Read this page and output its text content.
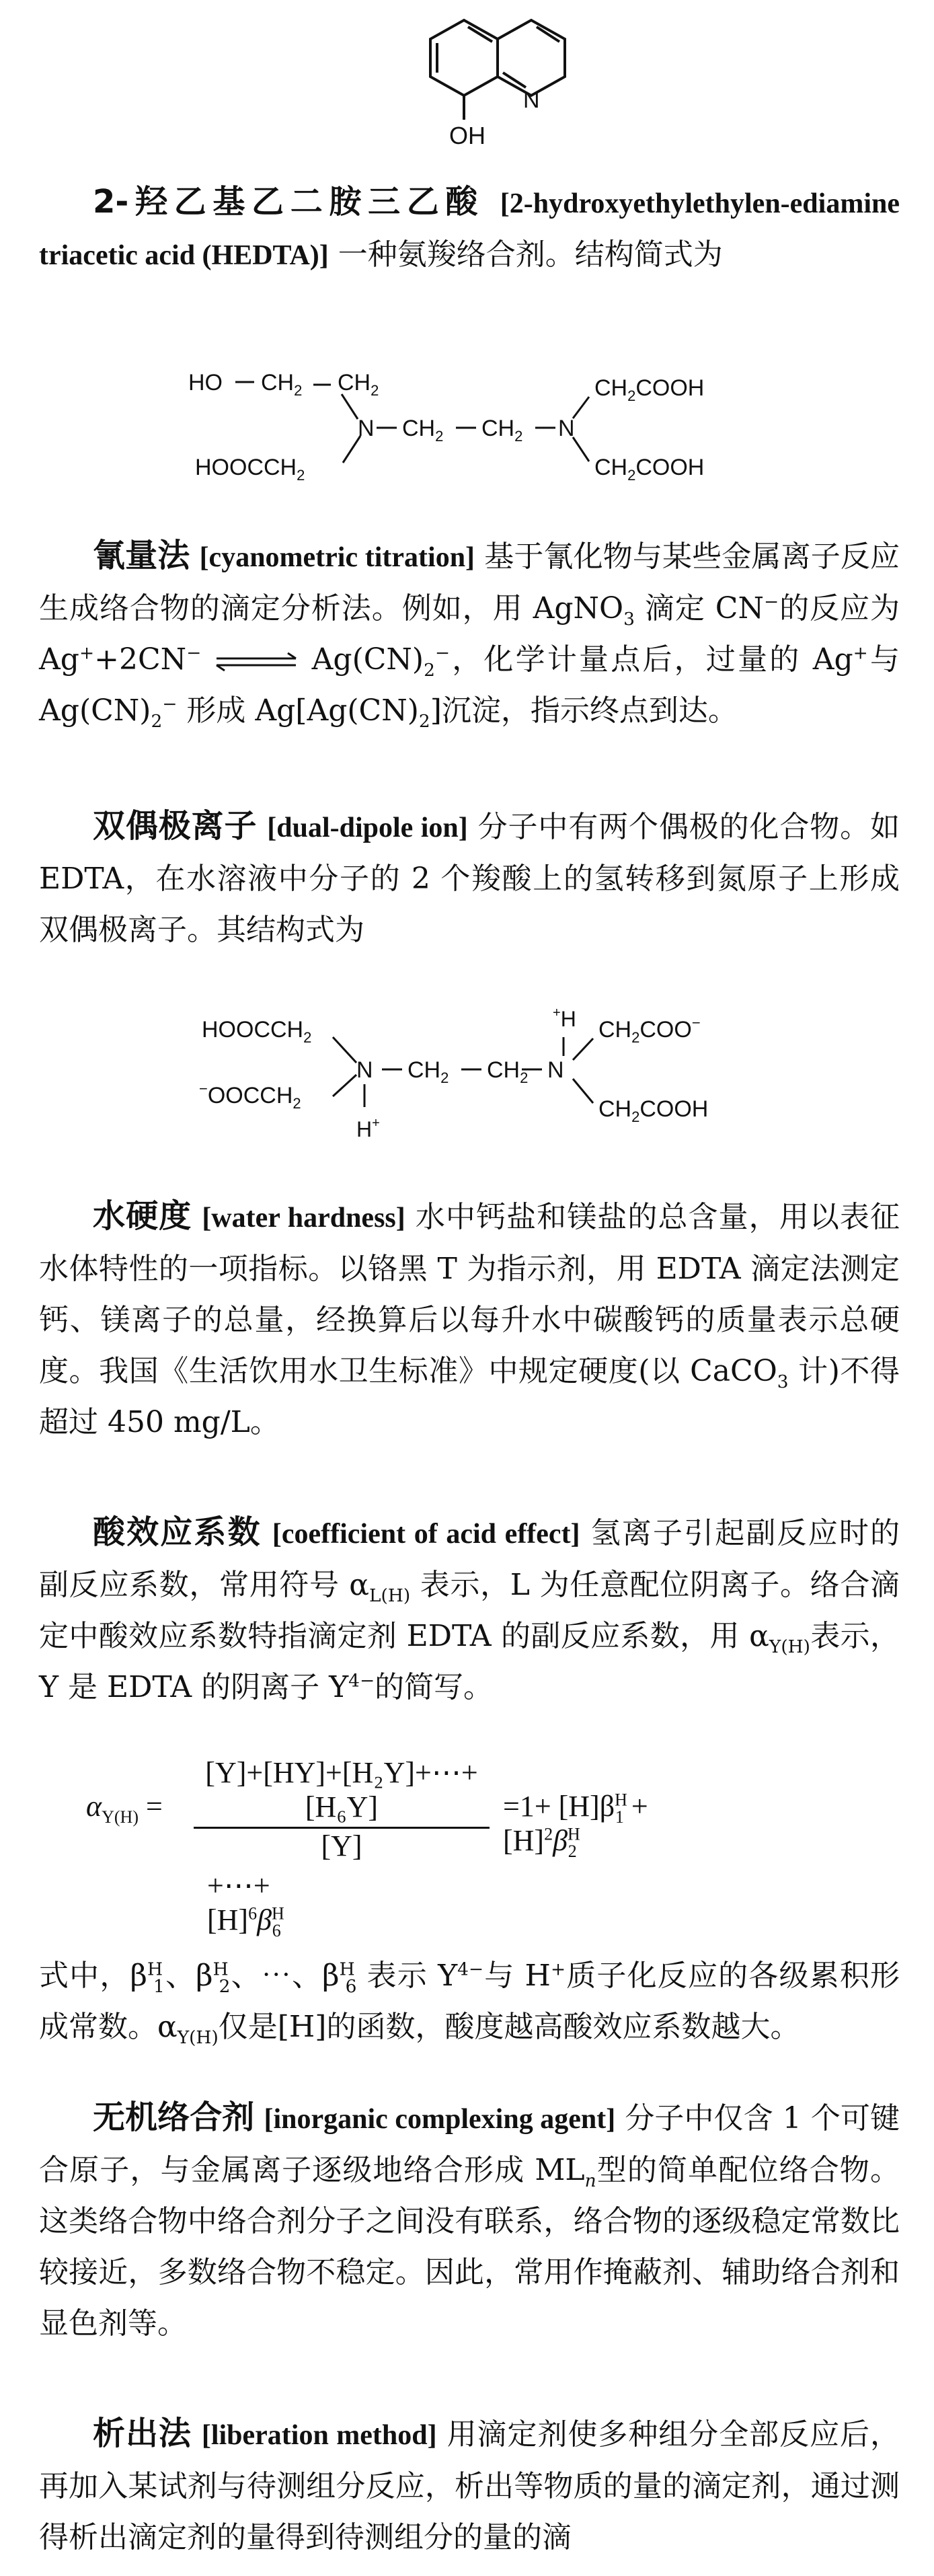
OH
N
2-羟乙基乙二胺三乙酸 [2-hydroxyethylethylen-ediamine triacetic acid (HEDTA)] 一种氨羧络合剂。结构简式为
HO $CH_2$ $CH_2$
N $CH_2$ $CH_2$ N
$CH_2COOH$
$CH_2COOH$
$HOOCCH_2$
氰量法 [cyanometric titration] 基于氰化物与某些金属离子反应生成络合物的滴定分析法。例如，用 AgNO$_3$ 滴定 CN−的反应为 Ag++2CN− ⇌ $Ag(CN)_2^-$，化学计量点后，过量的 Ag+与 $Ag(CN)_2^-$ 形成 $Ag[Ag(CN)_2]$沉淀，指示终点到达。
双偶极离子 [dual-dipole ion] 分子中有两个偶极的化合物。如 EDTA，在水溶液中分子的 2 个羧酸上的氢转移到氮原子上形成双偶极离子。其结构式为
$HOOCCH_2$
$^-OOCCH_2$
N
H+
$CH_2$ $CH_2$ N
+H $CH_2COO^-$
$CH_2COOH$
水硬度 [water hardness] 水中钙盐和镁盐的总含量，用以表征水体特性的一项指标。以铬黑 T 为指示剂，用 EDTA 滴定法测定钙、镁离子的总量，经换算后以每升水中碳酸钙的质量表示总硬度。我国《生活饮用水卫生标准》中规定硬度(以 CaCO$_3$ 计)不得超过 450 mg/L。
酸效应系数 [coefficient of acid effect] 氢离子引起副反应时的副反应系数，常用符号 $\alpha_{L(H)}$ 表示，L 为任意配位阴离子。络合滴定中酸效应系数特指滴定剂 EDTA 的副反应系数，用 $\alpha_{Y(H)}$表示，Y 是 EDTA 的阴离子 $Y^{4-}$的简写。
$\alpha_{Y(H)} = \frac{\text{[Y]+[HY]+[H₂Y]+⋯+[H₆Y]}}{[Y]} =1+ [H]\beta^H_1 + [H]^2\beta^H_2$
$+\cdots+[H]^6\beta^H_6$
式中，$\beta^H_1$、$\beta^H_2$、⋯、$\beta^H_6$ 表示 $Y^{4-}$与 H+质子化反应的各级累积形成常数。$\alpha_{Y(H)}$仅是[H]的函数，酸度越高酸效应系数越大。
无机络合剂 [inorganic complexing agent] 分子中仅含 1 个可键合原子，与金属离子逐级地络合形成 $ML_n$型的简单配位络合物。这类络合物中络合剂分子之间没有联系，络合物的逐级稳定常数比较接近，多数络合物不稳定。因此，常用作掩蔽剂、辅助络合剂和显色剂等。
析出法 [liberation method] 用滴定剂使多种组分全部反应后，再加入某试剂与待测组分反应，析出等物质的量的滴定剂，通过测得析出滴定剂的量得到待测组分的量的滴
